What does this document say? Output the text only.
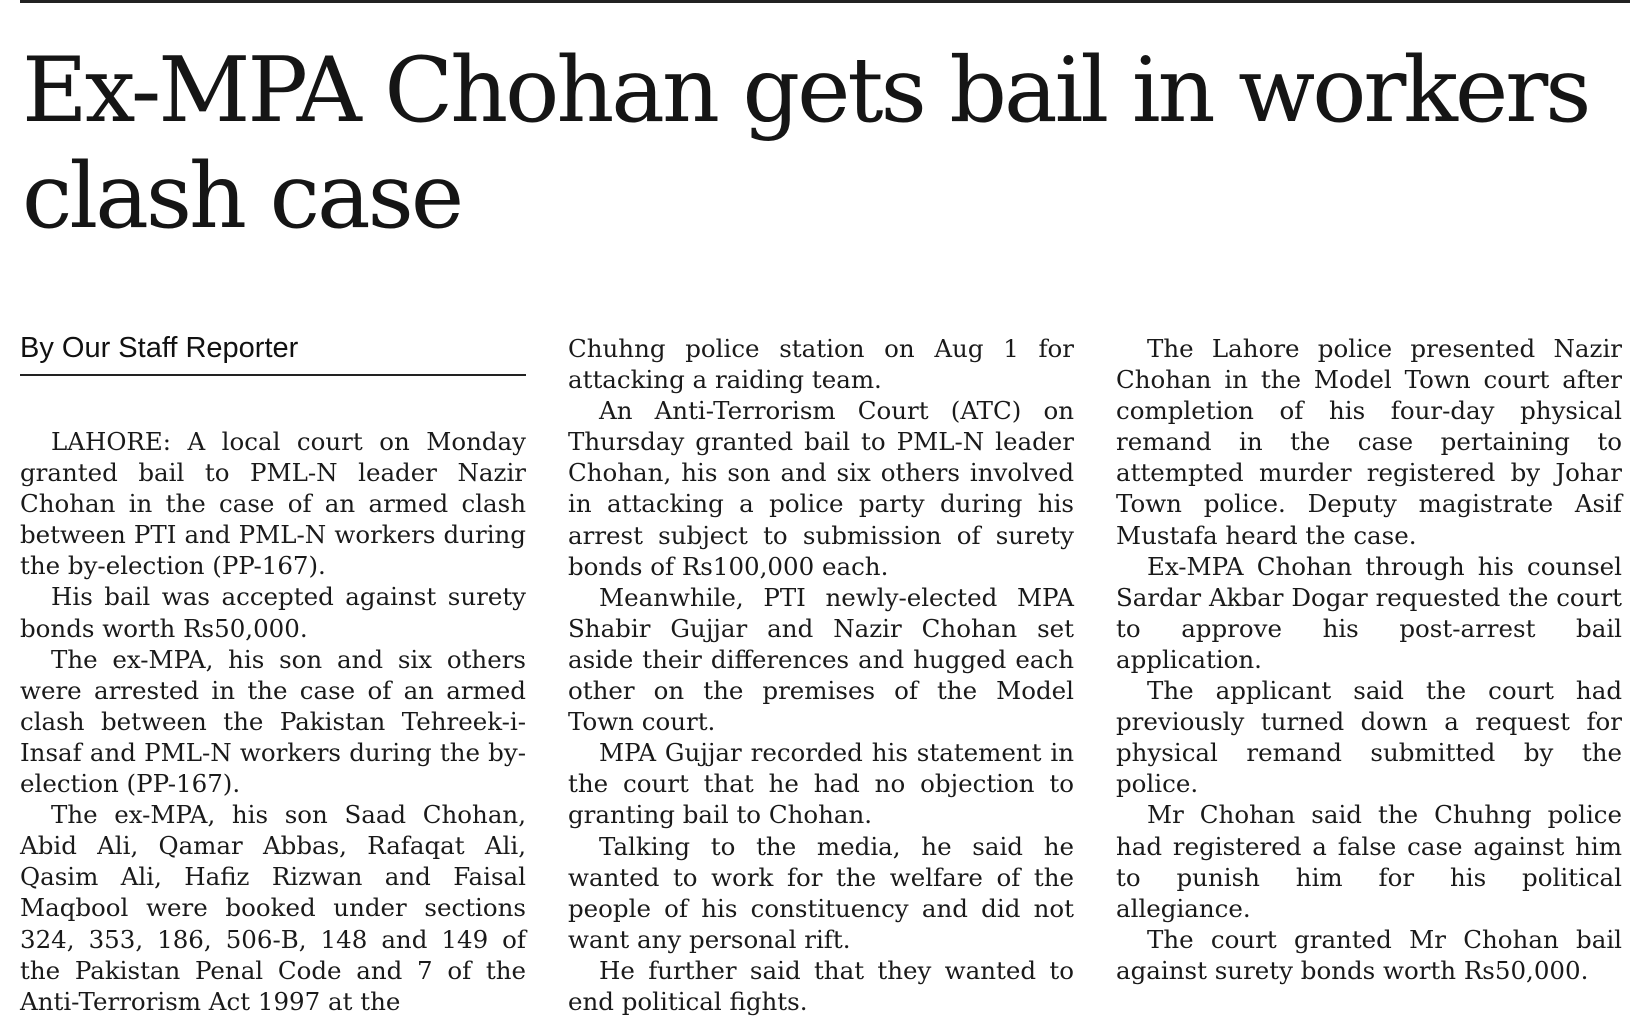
Ex-MPA Chohan gets bail in workers clash case
By Our Staff Reporter

LAHORE: A local court on Monday granted bail to PML-N leader Nazir Chohan in the case of an armed clash between PTI and PML-N workers during the by-election (PP-167).

His bail was accepted against surety bonds worth Rs50,000.

The ex-MPA, his son and six others were arrested in the case of an armed clash between the Pakistan Tehreek-i-Insaf and PML-N workers during the by-election (PP-167).

The ex-MPA, his son Saad Chohan, Abid Ali, Qamar Abbas, Rafaqat Ali, Qasim Ali, Hafiz Rizwan and Faisal Maqbool were booked under sections 324, 353, 186, 506-B, 148 and 149 of the Pakistan Penal Code and 7 of the Anti-Terrorism Act 1997 at the

Chuhng police station on Aug 1 for attacking a raiding team.

An Anti-Terrorism Court (ATC) on Thursday granted bail to PML-N leader Chohan, his son and six others involved in attacking a police party during his arrest subject to submission of surety bonds of Rs100,000 each.

Meanwhile, PTI newly-elected MPA Shabir Gujjar and Nazir Chohan set aside their differences and hugged each other on the premises of the Model Town court.

MPA Gujjar recorded his statement in the court that he had no objection to granting bail to Chohan.

Talking to the media, he said he wanted to work for the welfare of the people of his constituency and did not want any personal rift.

He further said that they wanted to end political fights.

The Lahore police presented Nazir Chohan in the Model Town court after completion of his four-day physical remand in the case pertaining to attempted murder registered by Johar Town police. Deputy magistrate Asif Mustafa heard the case.

Ex-MPA Chohan through his counsel Sardar Akbar Dogar requested the court to approve his post-arrest bail application.

The applicant said the court had previously turned down a request for physical remand submitted by the police.

Mr Chohan said the Chuhng police had registered a false case against him to punish him for his political allegiance.

The court granted Mr Chohan bail against surety bonds worth Rs50,000.
